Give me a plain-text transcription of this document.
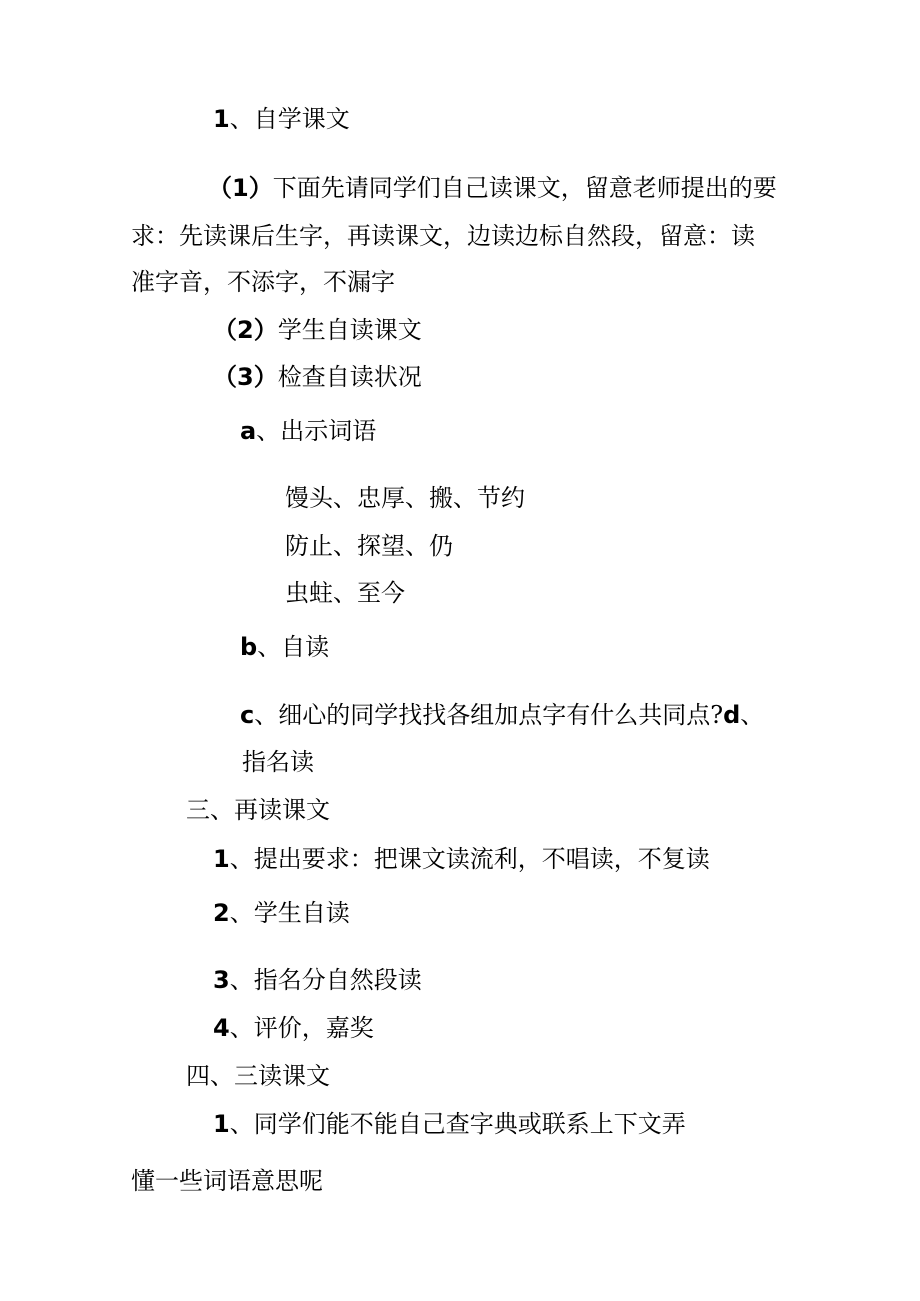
1、自学课文

（1）下面先请同学们自己读课文，留意老师提出的要

求：先读课后生字，再读课文，边读边标自然段，留意：读

准字音，不添字，不漏字

（2）学生自读课文

（3）检查自读状况

a、出示词语

馒头、忠厚、搬、节约

防止、探望、仍

虫蛀、至今

b、自读

c、细心的同学找找各组加点字有什么共同点?d、

指名读

三、再读课文

1、提出要求：把课文读流利，不唱读，不复读

2、学生自读

3、指名分自然段读

4、评价，嘉奖

四、三读课文

1、同学们能不能自己查字典或联系上下文弄

懂一些词语意思呢
